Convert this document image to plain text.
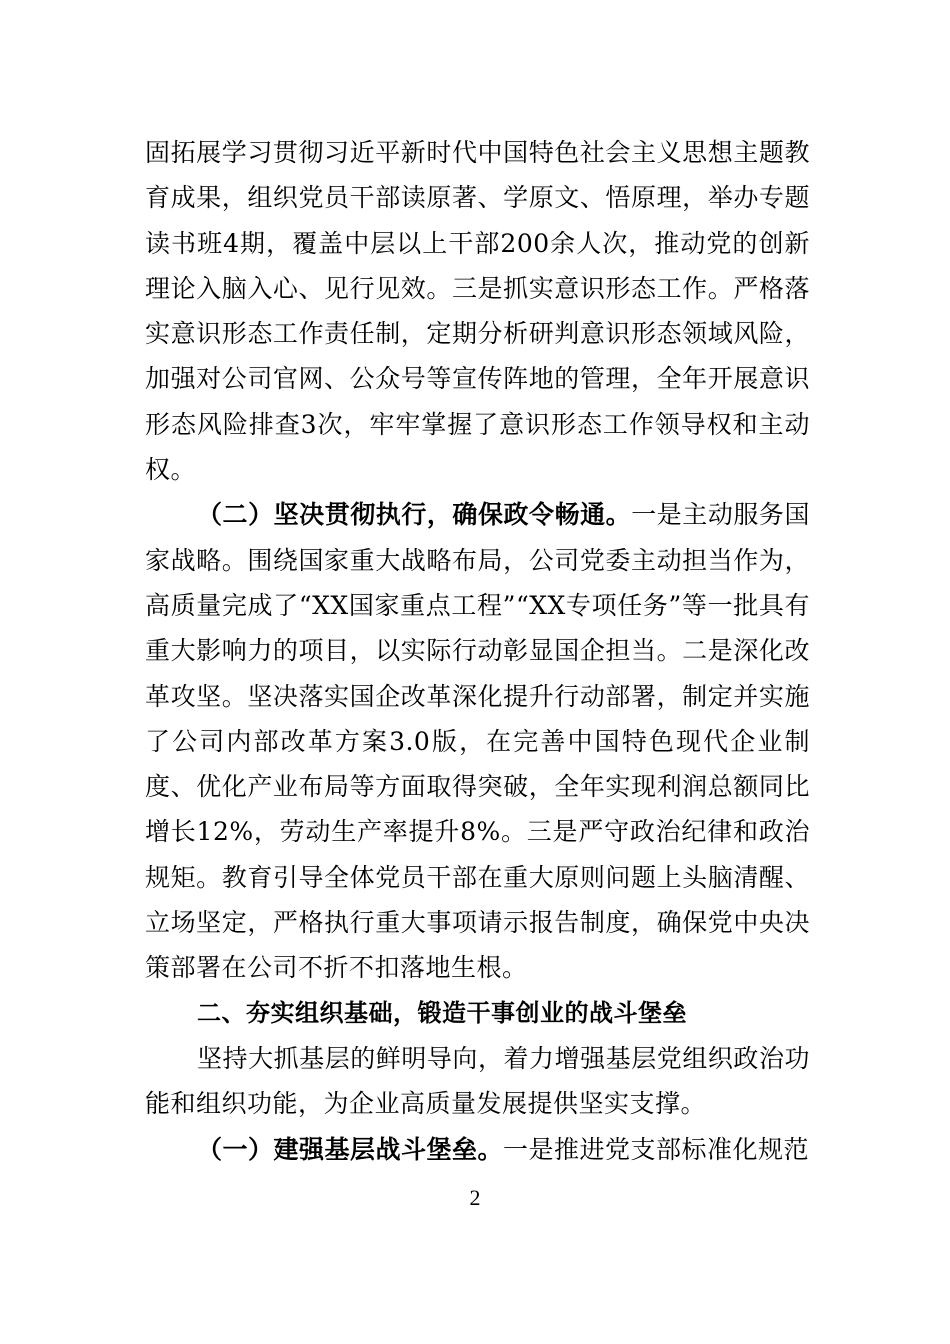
固拓展学习贯彻习近平新时代中国特色社会主义思想主题教育成果，组织党员干部读原著、学原文、悟原理，举办专题读书班4期，覆盖中层以上干部200余人次，推动党的创新理论入脑入心、见行见效。三是抓实意识形态工作。严格落实意识形态工作责任制，定期分析研判意识形态领域风险，加强对公司官网、公众号等宣传阵地的管理，全年开展意识形态风险排查3次，牢牢掌握了意识形态工作领导权和主动权。

（二）坚决贯彻执行，确保政令畅通。一是主动服务国家战略。围绕国家重大战略布局，公司党委主动担当作为，高质量完成了“XX国家重点工程”“XX专项任务”等一批具有重大影响力的项目，以实际行动彰显国企担当。二是深化改革攻坚。坚决落实国企改革深化提升行动部署，制定并实施了公司内部改革方案3.0版，在完善中国特色现代企业制度、优化产业布局等方面取得突破，全年实现利润总额同比增长12%，劳动生产率提升8%。三是严守政治纪律和政治规矩。教育引导全体党员干部在重大原则问题上头脑清醒、立场坚定，严格执行重大事项请示报告制度，确保党中央决策部署在公司不折不扣落地生根。

二、夯实组织基础，锻造干事创业的战斗堡垒

坚持大抓基层的鲜明导向，着力增强基层党组织政治功能和组织功能，为企业高质量发展提供坚实支撑。

（一）建强基层战斗堡垒。一是推进党支部标准化规范

2
